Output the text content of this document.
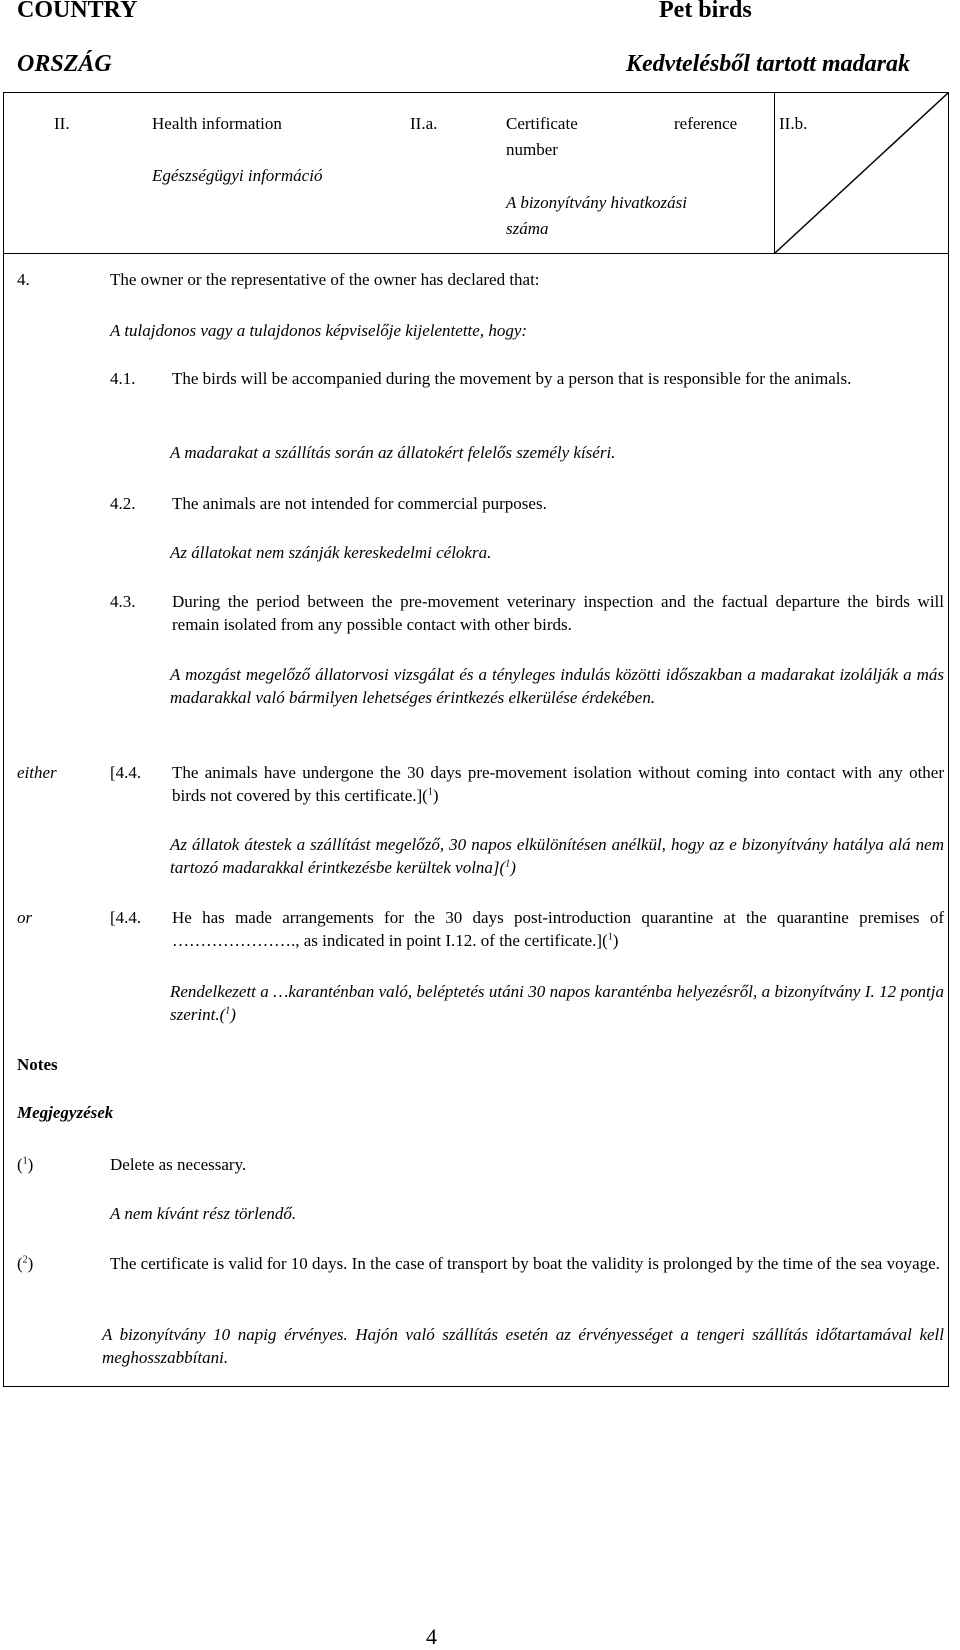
COUNTRY
ORSZÁG
Pet birds
Kedvtelésből tartott madarak
II.	Health information
Egészségügyi információ
II.a.	Certificate	reference
number
A bizonyítvány hivatkozási
száma
II.b.
4.	The owner or the representative of the owner has declared that:
A tulajdonos vagy a tulajdonos képviselője kijelentette, hogy:
4.1. The birds will be accompanied during the movement by a person that is responsible for the animals.
A madarakat a szállítás során az állatokért felelős személy kíséri.
4.2. The animals are not intended for commercial purposes.
Az állatokat nem szánják kereskedelmi célokra.
4.3. During the period between the pre-movement veterinary inspection and the factual departure the birds will remain isolated from any possible contact with other birds.
A mozgást megelőző állatorvosi vizsgálat és a tényleges indulás közötti időszakban a madarakat izolálják a más madarakkal való bármilyen lehetséges érintkezés elkerülése érdekében.
either	[4.4. The animals have undergone the 30 days pre-movement isolation without coming into contact with any other birds not covered by this certificate.]($^1$)
Az állatok átestek a szállítást megelőző, 30 napos elkülönítésen anélkül, hogy az e bizonyítvány hatálya alá nem tartozó madarakkal érintkezésbe kerültek volna]($^1$)
or	[4.4. He has made arrangements for the 30 days post-introduction quarantine at the quarantine premises of …………………., as indicated in point I.12. of the certificate.]($^1$)
Rendelkezett a …karanténban való, beléptetés utáni 30 napos karanténba helyezésről, a bizonyítvány I. 12 pontja szerint.($^1$)
Notes
Megjegyzések
($^1$)	Delete as necessary.
A nem kívánt rész törlendő.
($^2$)	The certificate is valid for 10 days. In the case of transport by boat the validity is prolonged by the time of the sea voyage.
A bizonyítvány 10 napig érvényes. Hajón való szállítás esetén az érvényességet a tengeri szállítás időtartamával kell meghosszabbítani.
4
